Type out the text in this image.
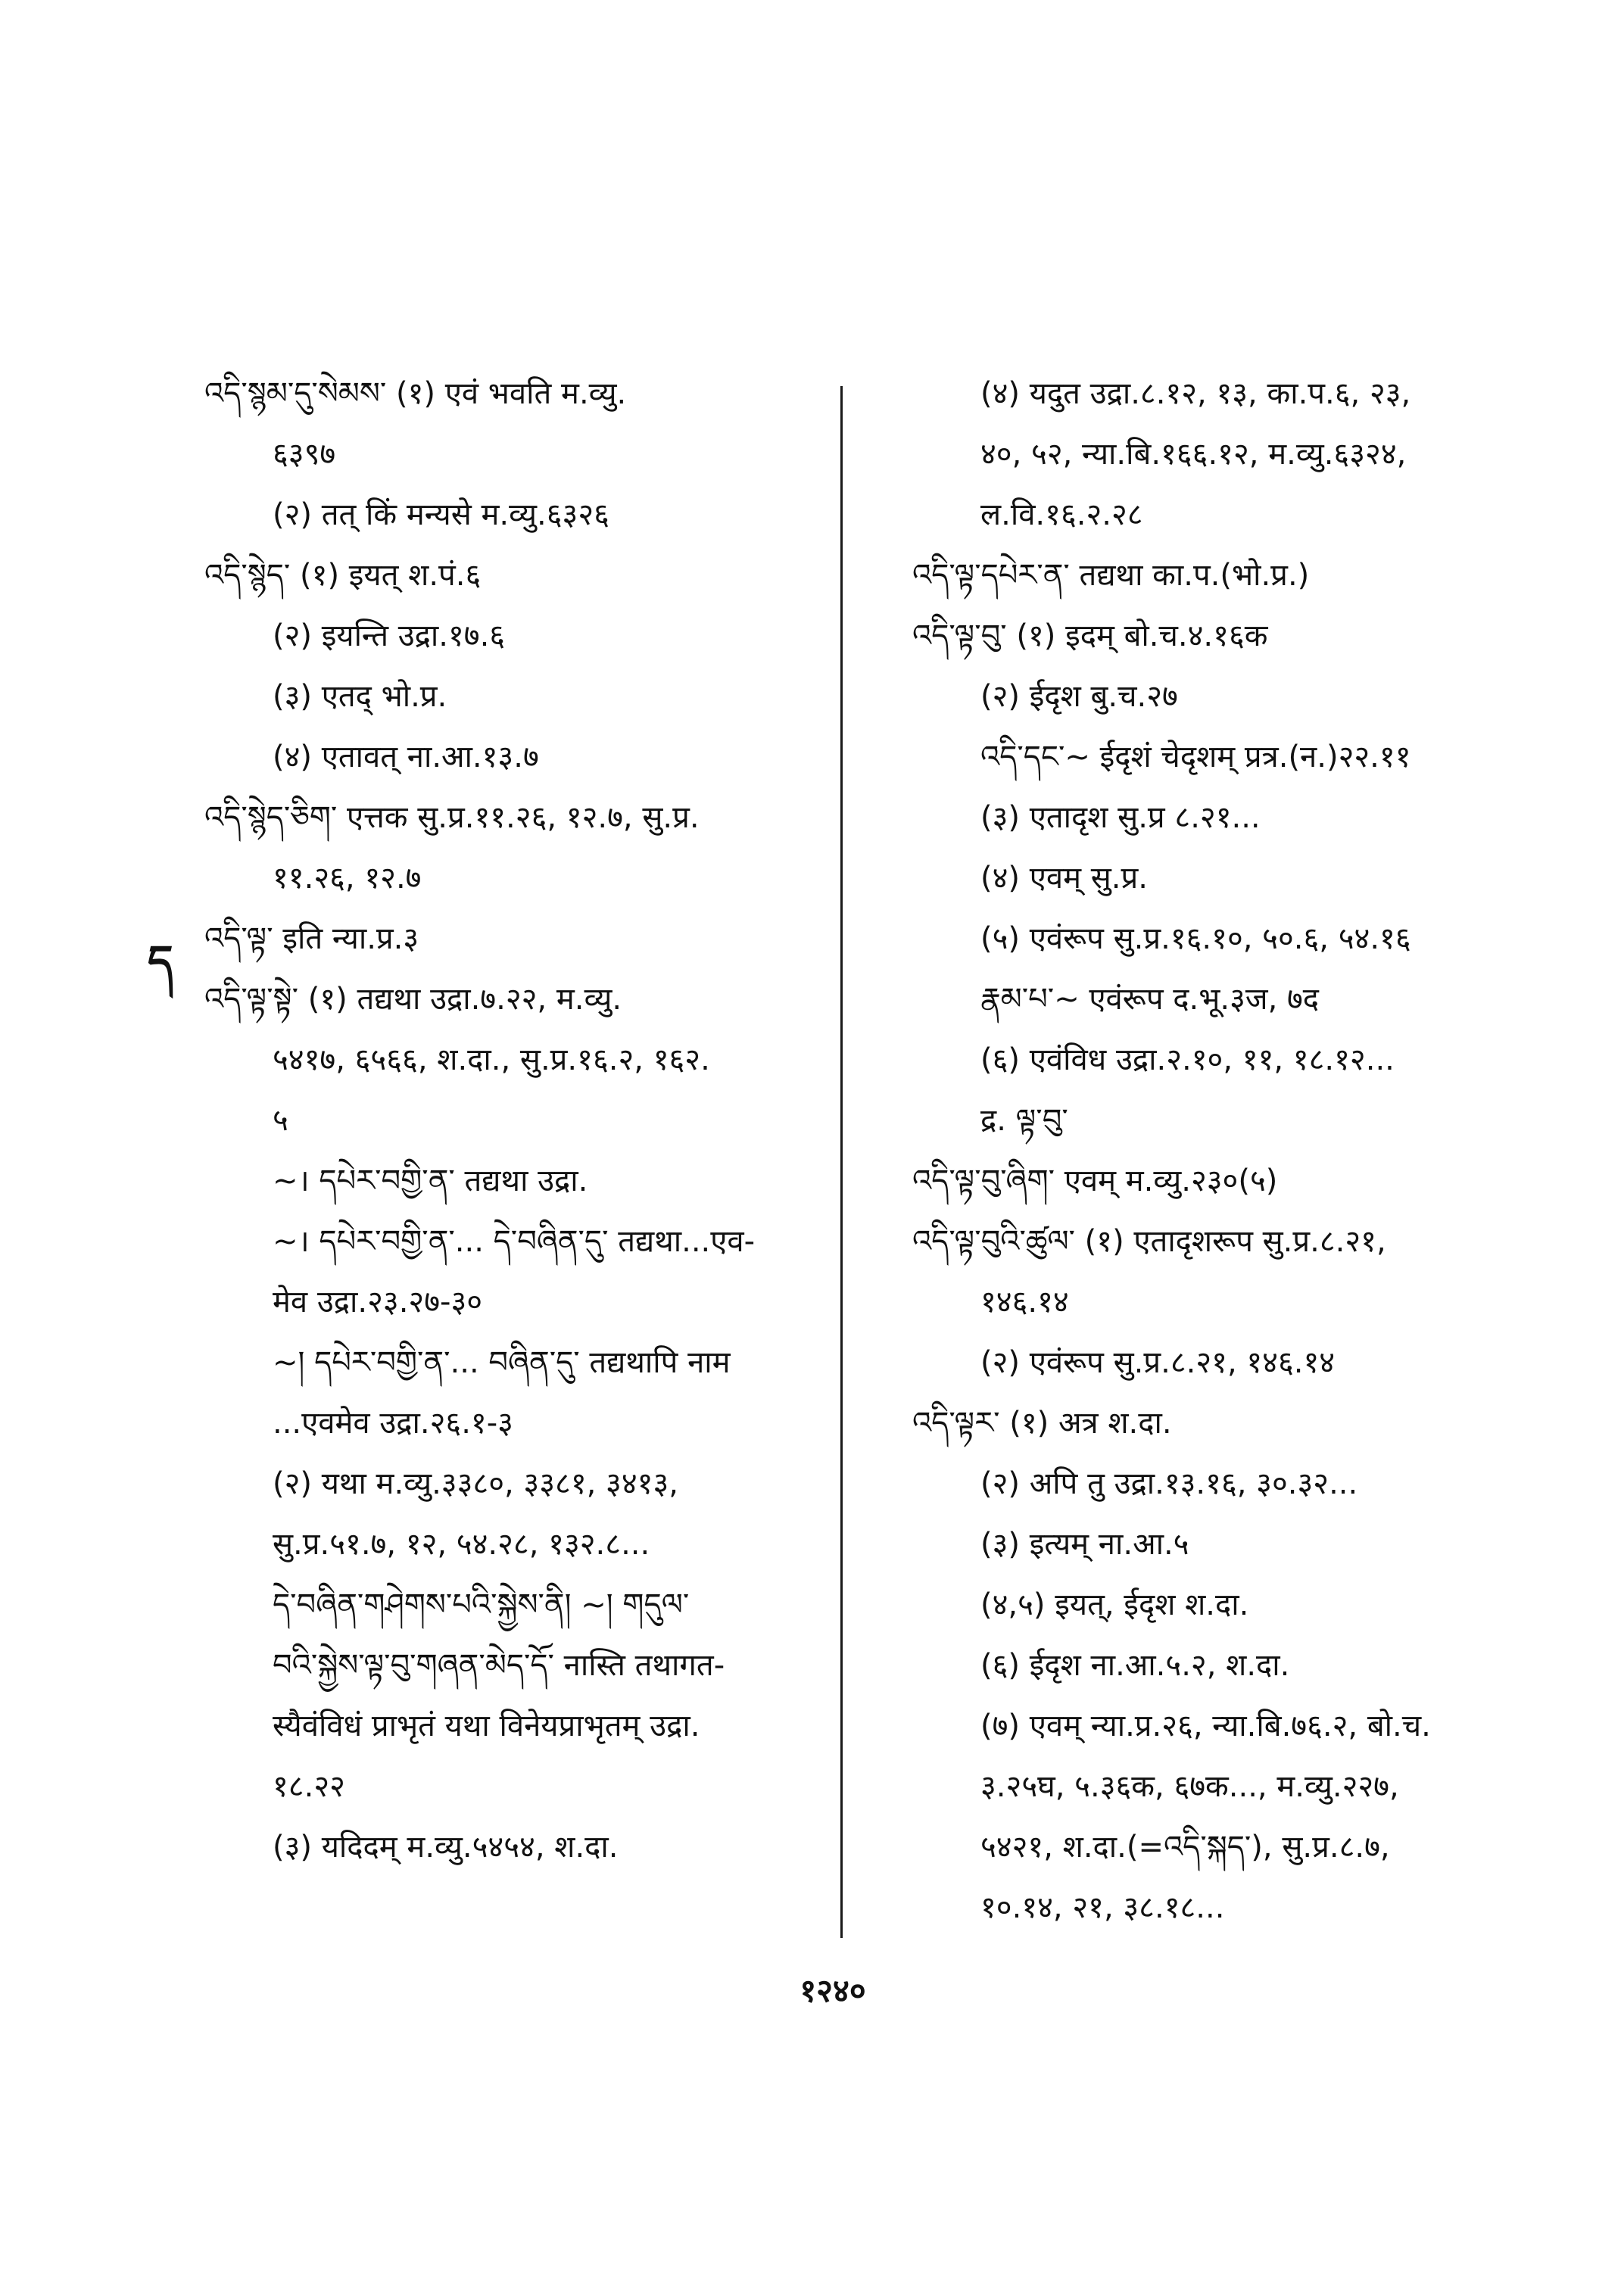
ད
འདི་སྙམ་དུ་སེམས་ (१) एवं भवति म.व्यु.
६३९७
(२) तत् किं मन्यसे म.व्यु.६३२६
འདི་སྙེད་ (१) इयत् श.पं.६
(२) इयन्ति उद्रा.१७.६
(३) एतद् भो.प्र.
(४) एतावत् ना.आ.१३.७
འདི་སྙེད་ཅིག་ एत्तक सु.प्र.११.२६, १२.७, सु.प्र.
११.२६, १२.७
འདི་ལྟ་ इति न्या.प्र.३
འདི་ལྟ་སྟེ་ (१) तद्यथा उद्रा.७.२२, म.व्यु.
५४१७, ६५६६, श.दा., सु.प्र.१६.२, १६२.
५
~। དཔེར་བགྱི་ན་ तद्यथा उद्रा.
~। དཔེར་བགྱི་ན་... དེ་བཞིན་དུ་ तद्यथा...एव-
मेव उद्रा.२३.२७-३०
~། དཔེར་བགྱི་ན་... བཞིན་དུ་ तद्यथापि नाम
...एवमेव उद्रा.२६.१-३
(२) यथा म.व्यु.३३८०, ३३८१, ३४१३,
सु.प्र.५१.७, १२, ५४.२८, १३२.८...
དེ་བཞིན་གཤེགས་པའི་སྐྱེས་ནི། ~། གདུལ་
བའི་སྐྱེས་ལྟ་བུ་གཞན་མེད་དོ་ नास्ति तथागत-
स्यैवंविधं प्राभृतं यथा विनेयप्राभृतम् उद्रा.
१८.२२
(३) यदिदम् म.व्यु.५४५४, श.दा.
(४) यदुत उद्रा.८.१२, १३, का.प.६, २३,
४०, ५२, न्या.बि.१६६.१२, म.व्यु.६३२४,
ल.वि.१६.२.२८
འདི་ལྟ་དཔེར་ན་ तद्यथा का.प.(भो.प्र.)
འདི་ལྟ་བུ་ (१) इदम् बो.च.४.१६क
(२) ईदृश बु.च.२७
འདི་དང་~ ईदृशं चेदृशम् प्रत्र.(न.)२२.११
(३) एतादृश सु.प्र ८.२१...
(४) एवम् सु.प्र.
(५) एवंरूप सु.प्र.१६.१०, ५०.६, ५४.१६
རྣམ་པ་~ एवंरूप द.भू.३ज, ७द
(६) एवंविध उद्रा.२.१०, ११, १८.१२...
द्र. ལྟ་བུ་
འདི་ལྟ་བུ་ཞིག་ एवम् म.व्यु.२३०(५)
འདི་ལྟ་བུའི་ཚུལ་ (१) एतादृशरूप सु.प्र.८.२१,
१४६.१४
(२) एवंरूप सु.प्र.८.२१, १४६.१४
འདི་ལྟར་ (१) अत्र श.दा.
(२) अपि तु उद्रा.१३.१६, ३०.३२...
(३) इत्यम् ना.आ.५
(४,५) इयत्, ईदृश श.दा.
(६) ईदृश ना.आ.५.२, श.दा.
(७) एवम् न्या.प्र.२६, न्या.बि.७६.२, बो.च.
३.२५घ, ५.३६क, ६७क..., म.व्यु.२२७,
५४२१, श.दा.(=འདི་སྐད་), सु.प्र.८.७,
१०.१४, २१, ३८.१८...
१२४०
